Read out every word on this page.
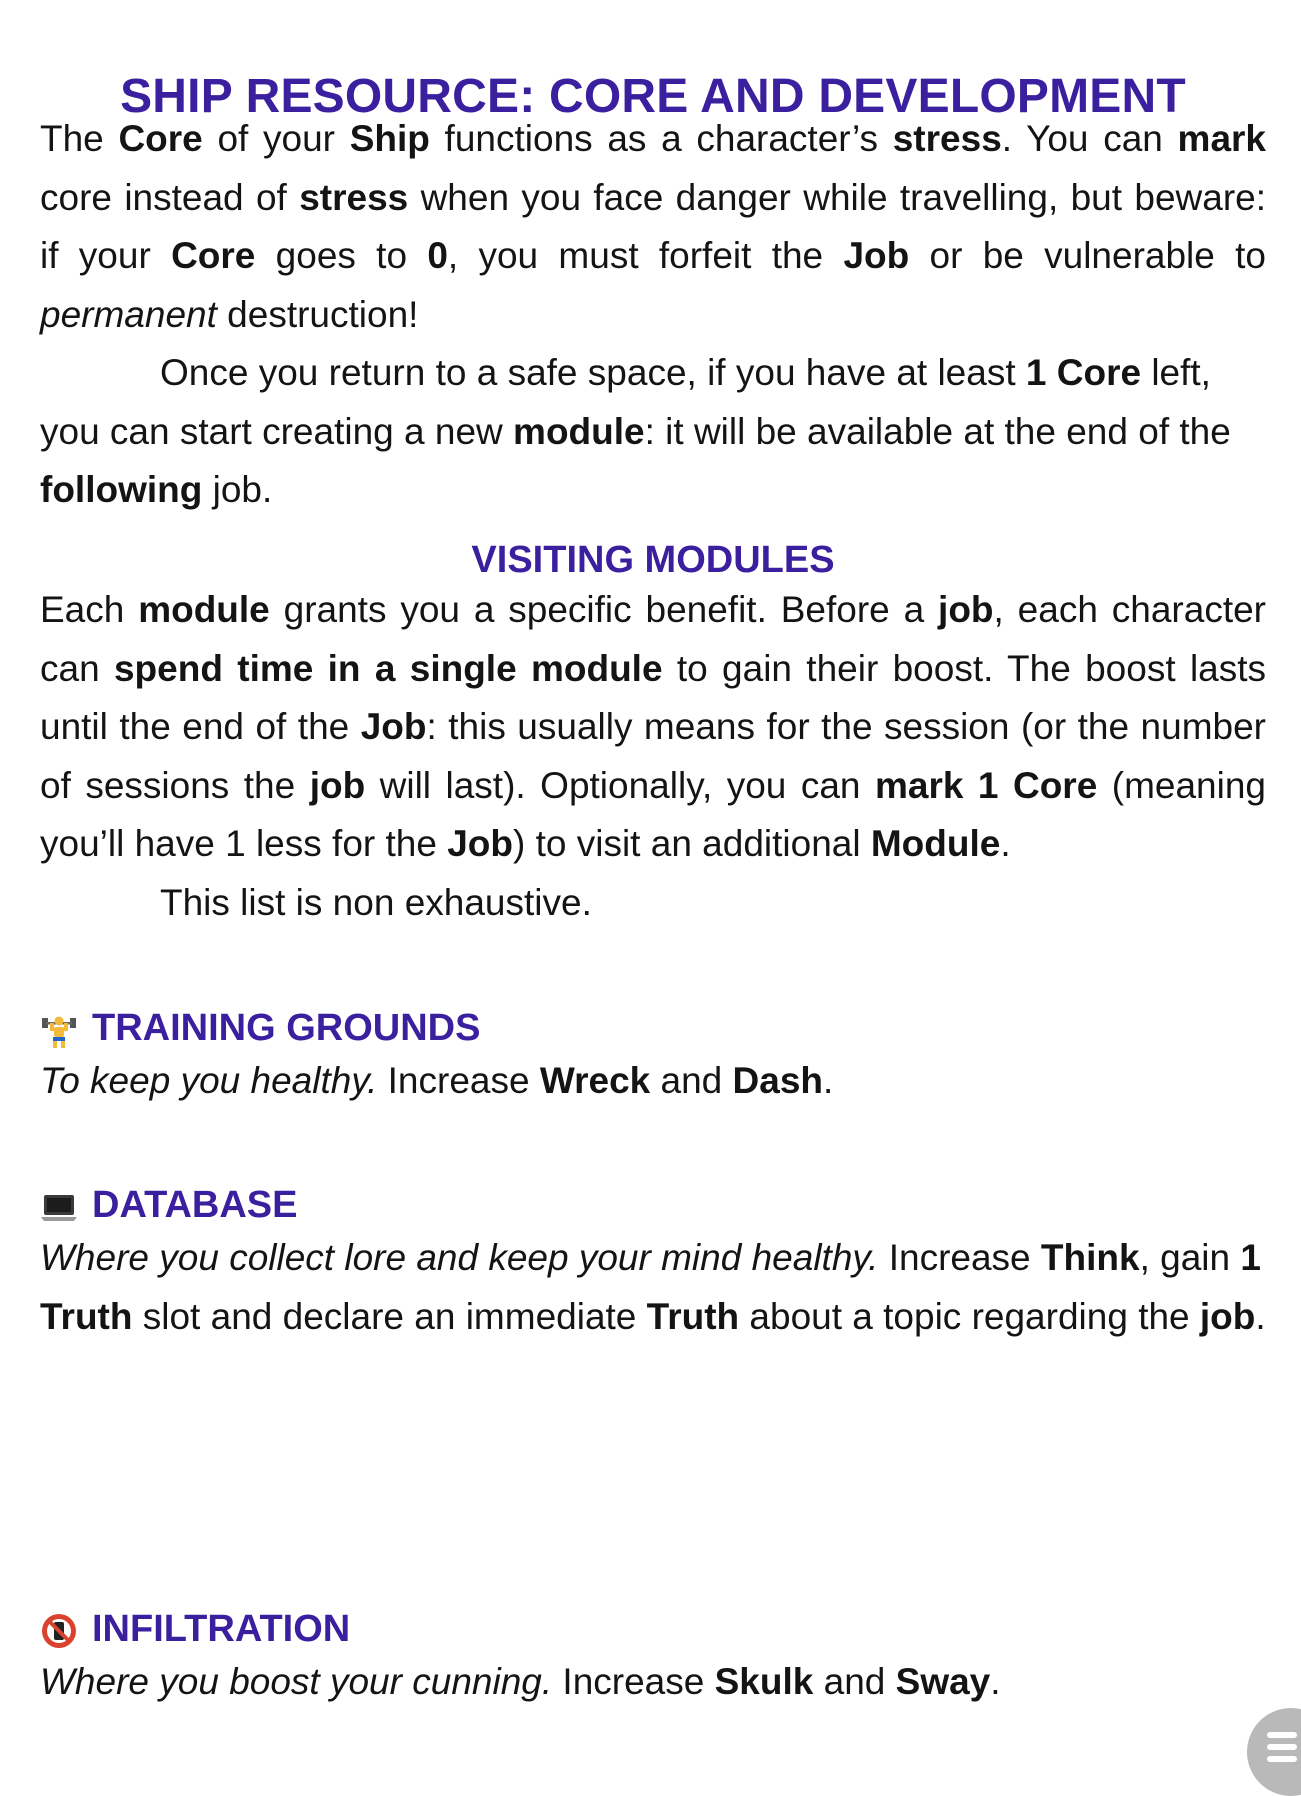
SHIP RESOURCE: CORE AND DEVELOPMENT

The Core of your Ship functions as a character’s stress. You can mark core instead of stress when you face danger while travelling, but beware: if your Core goes to 0, you must forfeit the Job or be vulnerable to permanent destruction!

Once you return to a safe space, if you have at least 1 Core left, you can start creating a new module: it will be available at the end of the following job.

VISITING MODULES

Each module grants you a specific benefit. Before a job, each character can spend time in a single module to gain their boost. The boost lasts until the end of the Job: this usually means for the session (or the number of sessions the job will last). Optionally, you can mark 1 Core (meaning you’ll have 1 less for the Job) to visit an additional Module.

This list is non exhaustive.

TRAINING GROUNDS

To keep you healthy. Increase Wreck and Dash.

DATABASE

Where you collect lore and keep your mind healthy. Increase Think, gain 1 Truth slot and declare an immediate Truth about a topic regarding the job.

INFILTRATION

Where you boost your cunning. Increase Skulk and Sway.
